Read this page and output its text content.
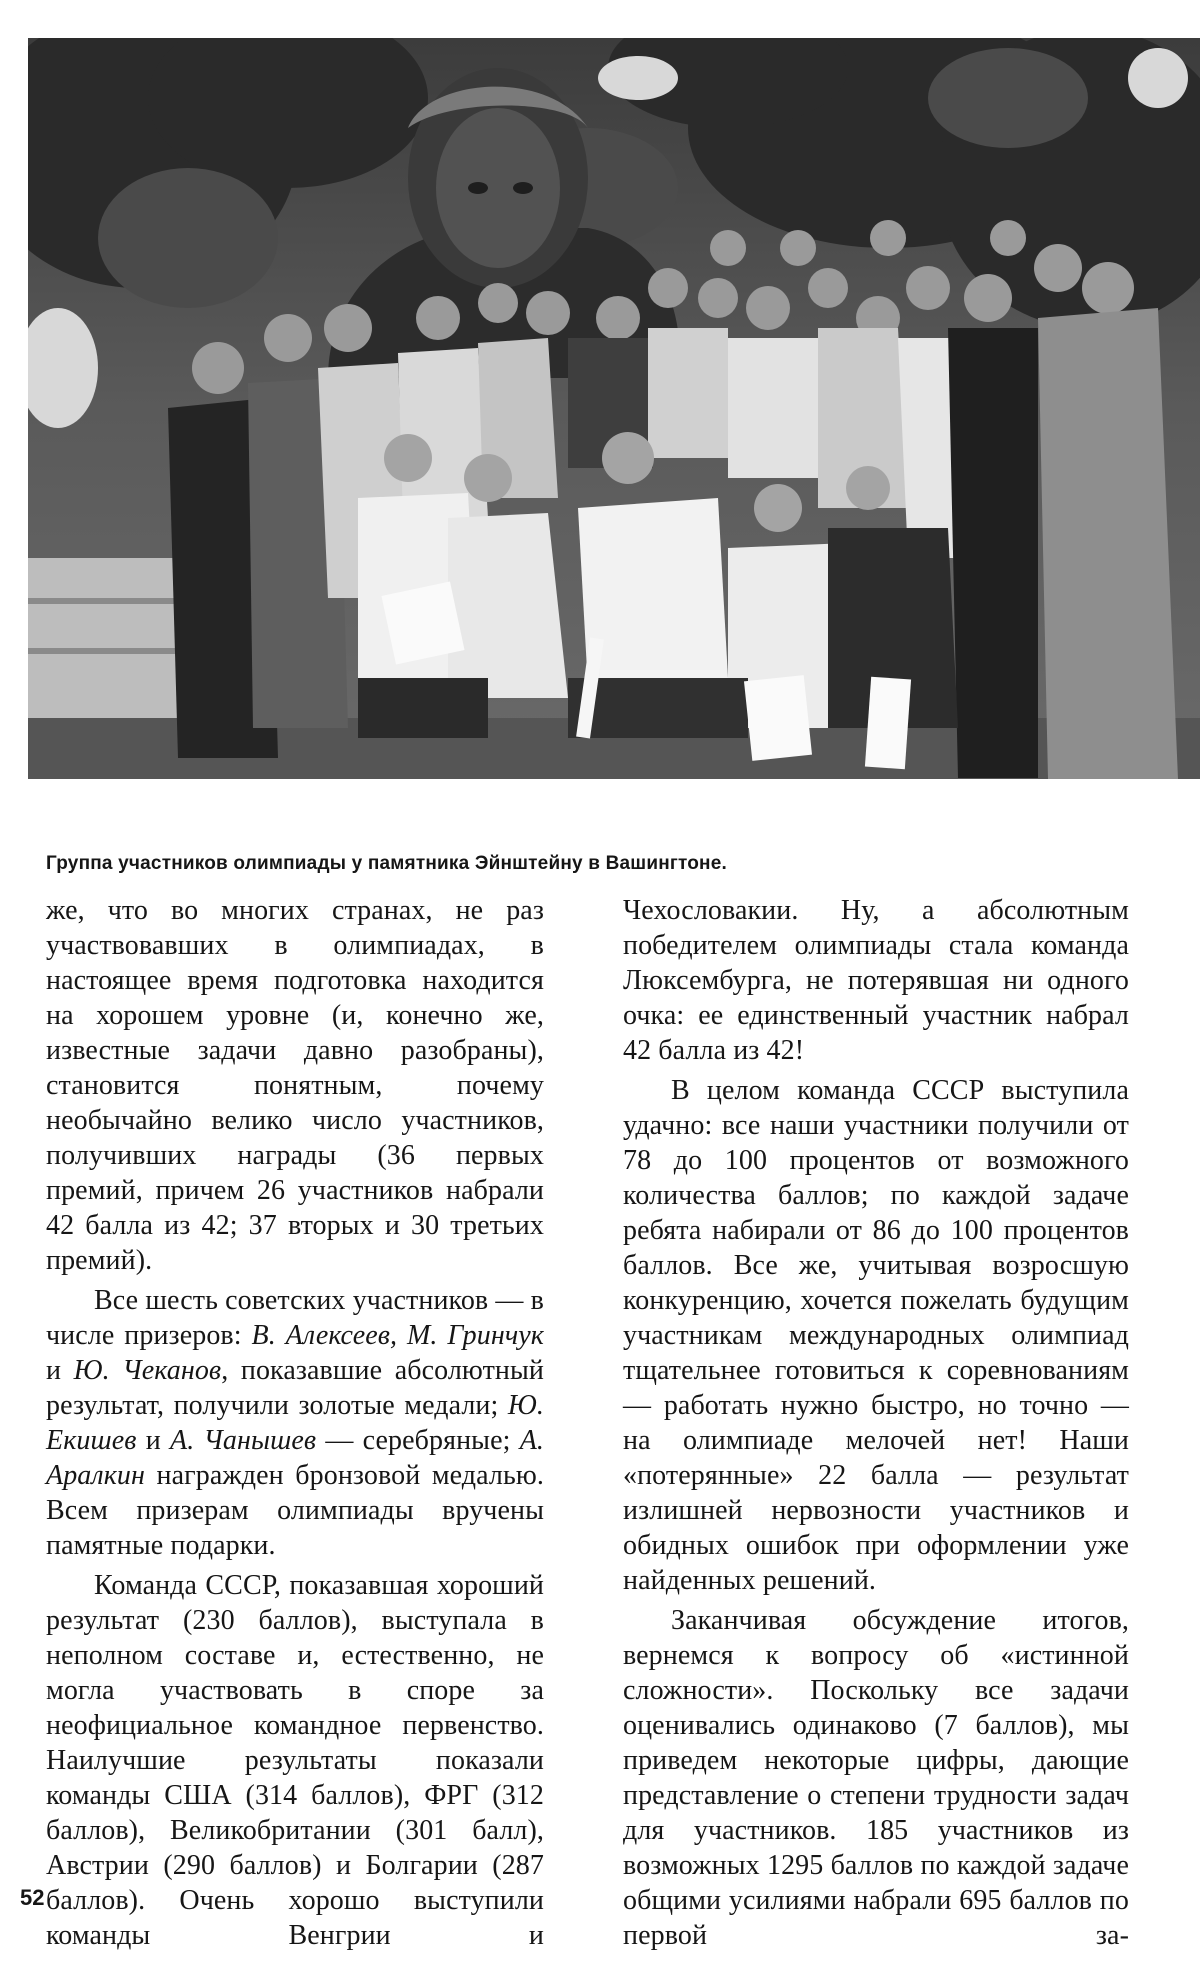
Группа участников олимпиады у памятника Эйнштейну в Вашингтоне.

же, что во многих странах, не раз участвовавших в олимпиадах, в настоящее время подготовка находится на хорошем уровне (и, конечно же, известные задачи давно разобраны), становится понятным, почему необычайно велико число участников, получивших награды (36 первых премий, причем 26 участников набрали 42 балла из 42; 37 вторых и 30 третьих премий).

Все шесть советских участников — в числе призеров: В. Алексеев, М. Гринчук и Ю. Чеканов, показавшие абсолютный результат, получили золотые медали; Ю. Екишев и А. Чанышев — серебряные; А. Аралкин награжден бронзовой медалью. Всем призерам олимпиады вручены памятные подарки.

Команда СССР, показавшая хороший результат (230 баллов), выступала в неполном составе и, естественно, не могла участвовать в споре за неофициальное командное первенство. Наилучшие результаты показали команды США (314 баллов), ФРГ (312 баллов), Великобритании (301 балл), Австрии (290 баллов) и Болгарии (287 баллов). Очень хорошо выступили команды Венгрии и

Чехословакии. Ну, а абсолютным победителем олимпиады стала команда Люксембурга, не потерявшая ни одного очка: ее единственный участник набрал 42 балла из 42!

В целом команда СССР выступила удачно: все наши участники получили от 78 до 100 процентов от возможного количества баллов; по каждой задаче ребята набирали от 86 до 100 процентов баллов. Все же, учитывая возросшую конкуренцию, хочется пожелать будущим участникам международных олимпиад тщательнее готовиться к соревнованиям — работать нужно быстро, но точно — на олимпиаде мелочей нет! Наши «потерянные» 22 балла — результат излишней нервозности участников и обидных ошибок при оформлении уже найденных решений.

Заканчивая обсуждение итогов, вернемся к вопросу об «истинной сложности». Поскольку все задачи оценивались одинаково (7 баллов), мы приведем некоторые цифры, дающие представление о степени трудности задач для участников. 185 участников из возможных 1295 баллов по каждой задаче общими усилиями набрали 695 баллов по первой за-

52
